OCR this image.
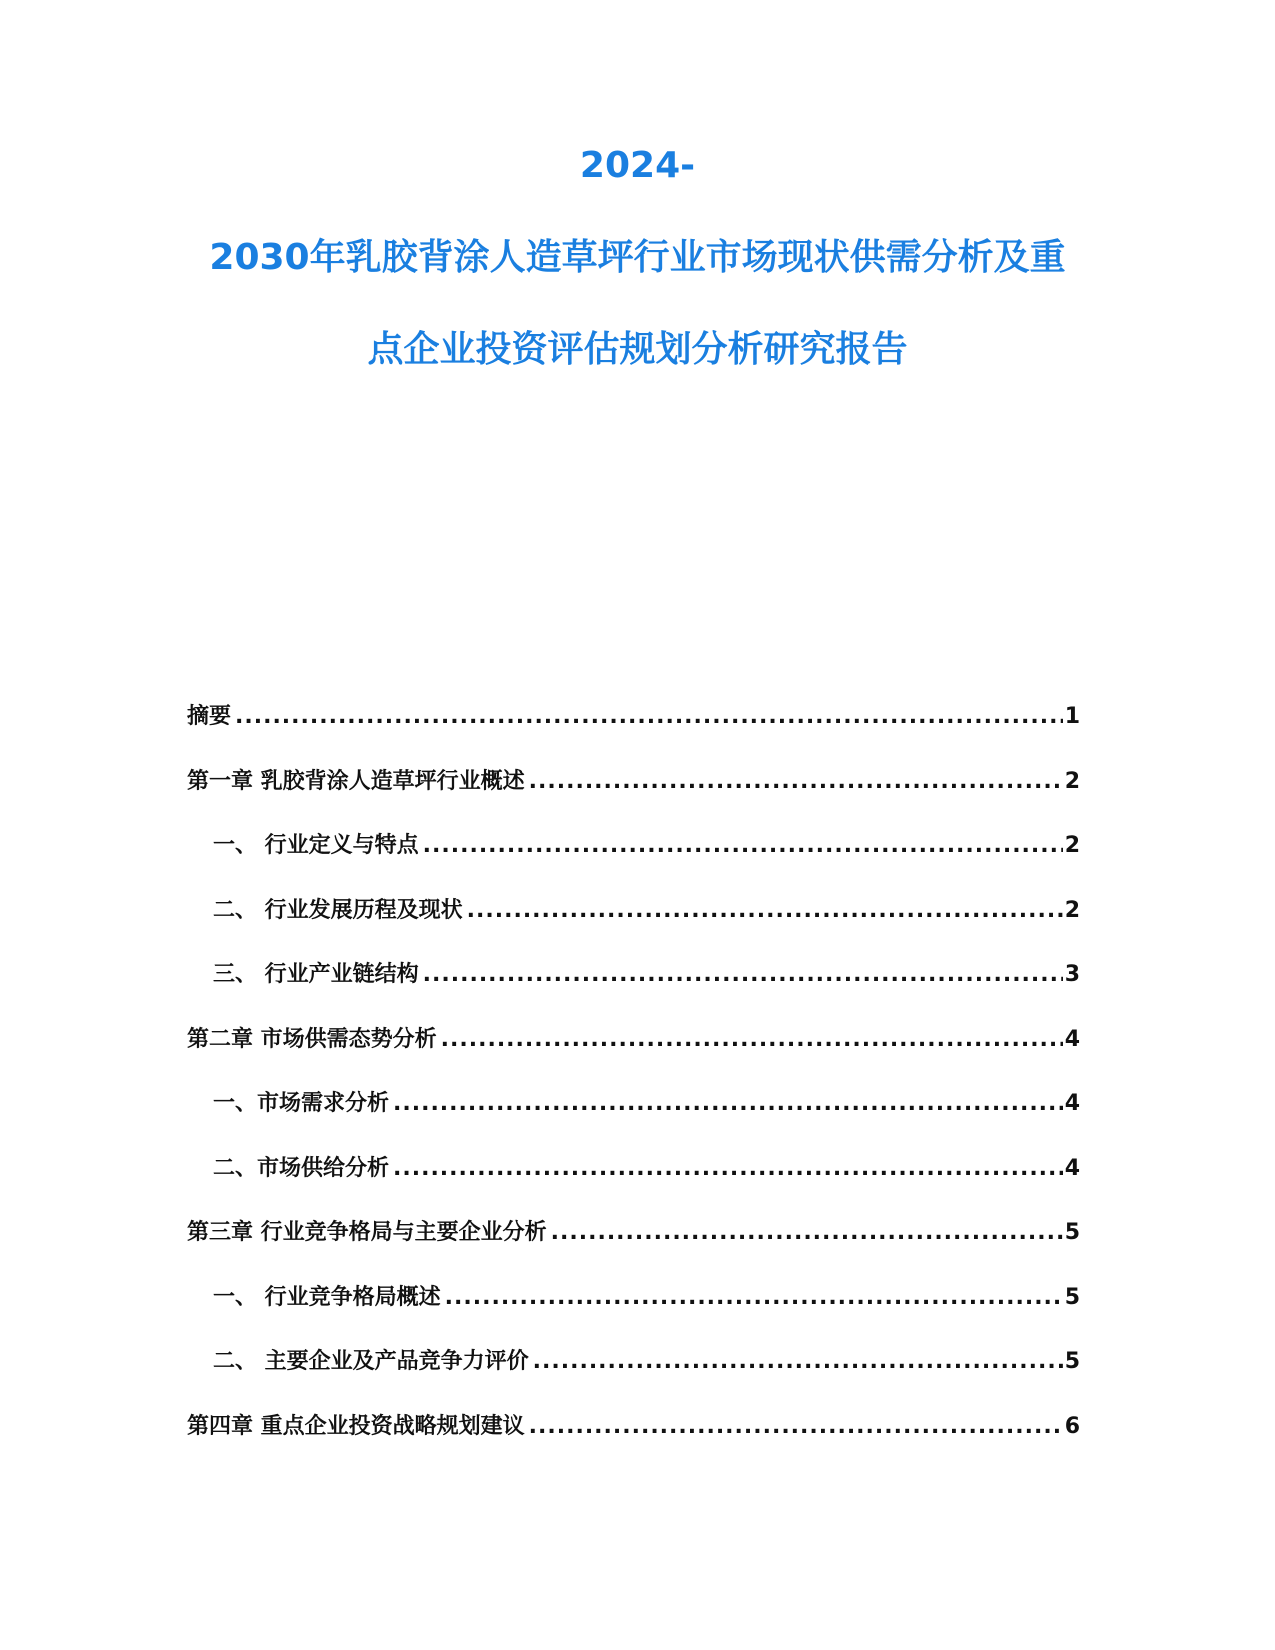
2024-
2030年乳胶背涂人造草坪行业市场现状供需分析及重
点企业投资评估规划分析研究报告
摘要 .....	1
第一章 乳胶背涂人造草坪行业概述 .....	2
一、 行业定义与特点 .....	2
二、 行业发展历程及现状 .....	2
三、 行业产业链结构 .....	3
第二章 市场供需态势分析 .....	4
一、市场需求分析 .....	4
二、市场供给分析 .....	4
第三章 行业竞争格局与主要企业分析 .....	5
一、 行业竞争格局概述 .....	5
二、 主要企业及产品竞争力评价 .....	5
第四章 重点企业投资战略规划建议 .....	6
